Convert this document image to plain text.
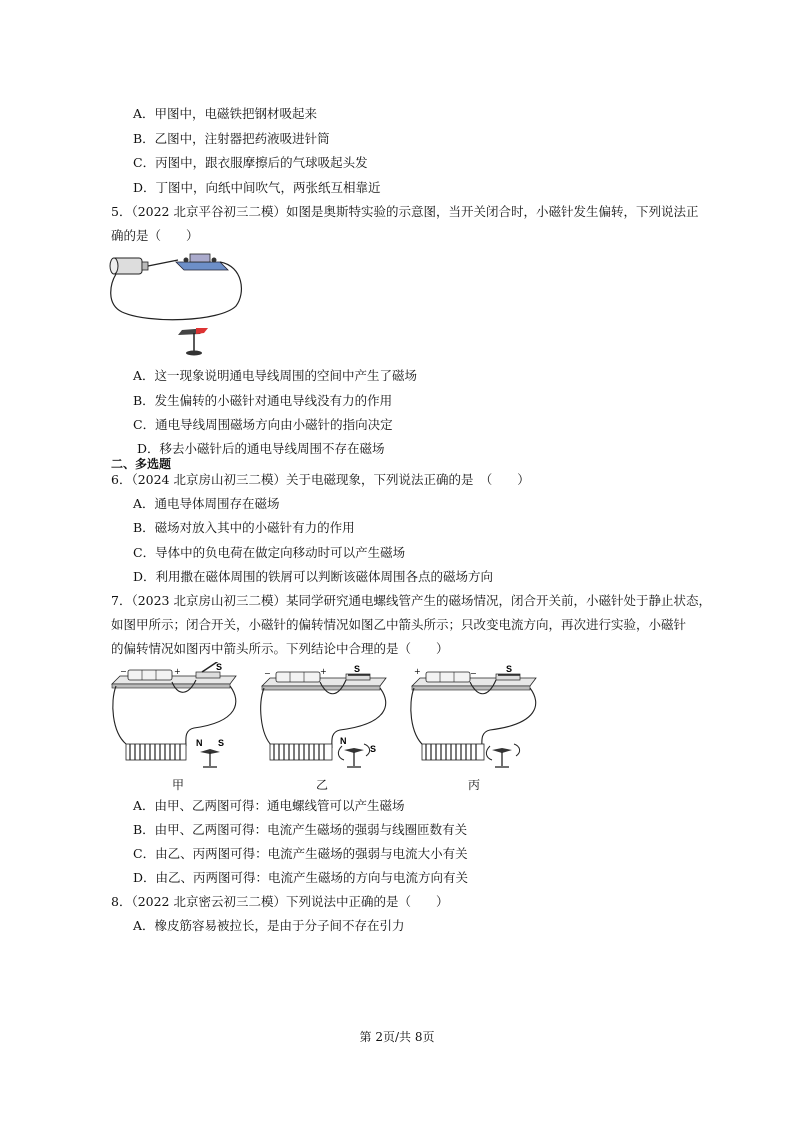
A．甲图中，电磁铁把钢材吸起来
B．乙图中，注射器把药液吸进针筒
C．丙图中，跟衣服摩擦后的气球吸起头发
D．丁图中，向纸中间吹气，两张纸互相靠近
5．（2022 北京平谷初三二模）如图是奥斯特实验的示意图，当开关闭合时，小磁针发生偏转，下列说法正
确的是（　　）
A．这一现象说明通电导线周围的空间中产生了磁场
B．发生偏转的小磁针对通电导线没有力的作用
C．通电导线周围磁场方向由小磁针的指向决定
D．移去小磁针后的通电导线周围不存在磁场
二、多选题
6．（2024 北京房山初三二模）关于电磁现象，下列说法正确的是　（　　）
A．通电导体周围存在磁场
B．磁场对放入其中的小磁针有力的作用
C．导体中的负电荷在做定向移动时可以产生磁场
D．利用撒在磁体周围的铁屑可以判断该磁体周围各点的磁场方向
7．（2023 北京房山初三二模）某同学研究通电螺线管产生的磁场情况，闭合开关前，小磁针处于静止状态，
如图甲所示；闭合开关，小磁针的偏转情况如图乙中箭头所示；只改变电流方向，再次进行实验，小磁针
的偏转情况如图丙中箭头所示。下列结论中合理的是（　　）
−	+	S
N S
−	+	S
N
S
+	−	S
甲	乙	丙
A．由甲、乙两图可得：通电螺线管可以产生磁场
B．由甲、乙两图可得：电流产生磁场的强弱与线圈匝数有关
C．由乙、丙两图可得：电流产生磁场的强弱与电流大小有关
D．由乙、丙两图可得：电流产生磁场的方向与电流方向有关
8．（2022 北京密云初三二模）下列说法中正确的是（　　）
A．橡皮筋容易被拉长，是由于分子间不存在引力
第 2页/共 8页
